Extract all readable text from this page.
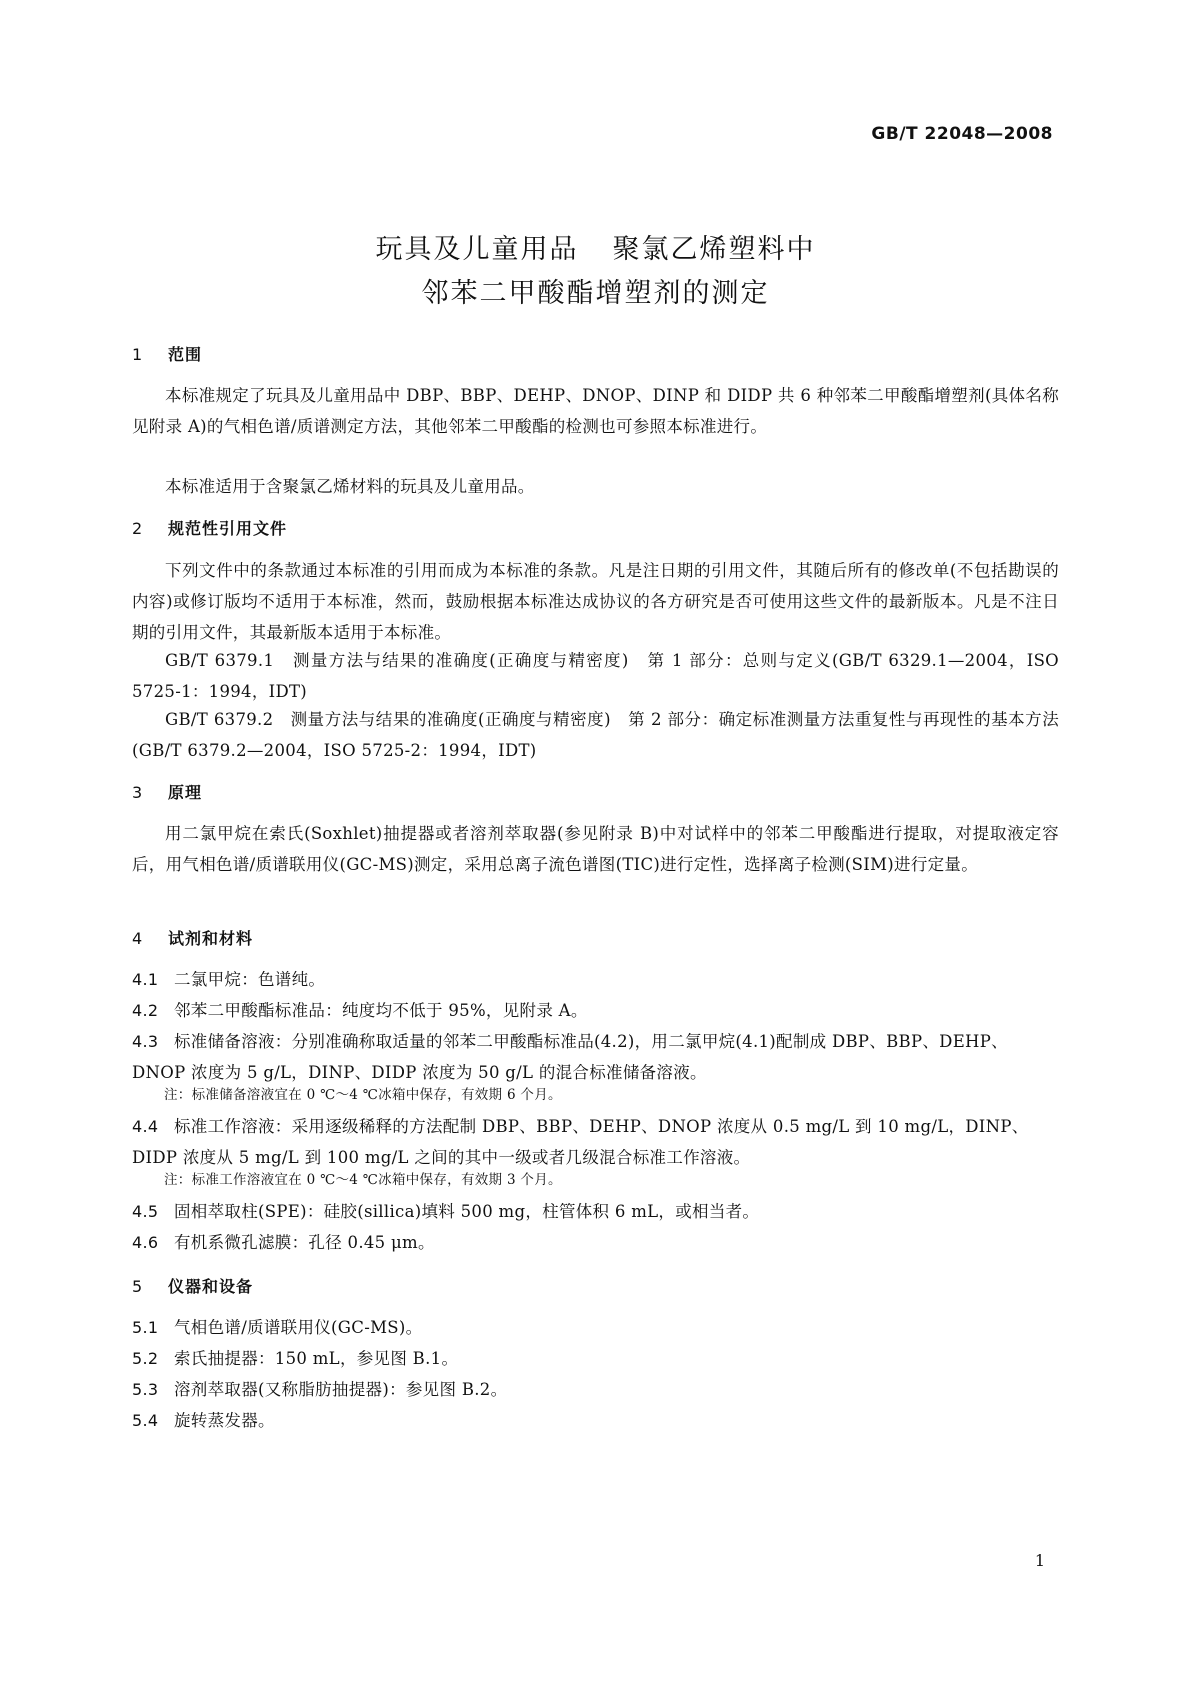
GB/T 22048—2008
玩具及儿童用品 聚氯乙烯塑料中
邻苯二甲酸酯增塑剂的测定
1 范围
本标准规定了玩具及儿童用品中 DBP、BBP、DEHP、DNOP、DINP 和 DIDP 共 6 种邻苯二甲酸酯增塑剂(具体名称见附录 A)的气相色谱/质谱测定方法，其他邻苯二甲酸酯的检测也可参照本标准进行。
本标准适用于含聚氯乙烯材料的玩具及儿童用品。
2 规范性引用文件
下列文件中的条款通过本标准的引用而成为本标准的条款。凡是注日期的引用文件，其随后所有的修改单(不包括勘误的内容)或修订版均不适用于本标准，然而，鼓励根据本标准达成协议的各方研究是否可使用这些文件的最新版本。凡是不注日期的引用文件，其最新版本适用于本标准。
GB/T 6379.1　测量方法与结果的准确度(正确度与精密度)　第 1 部分：总则与定义(GB/T 6329.1—2004，ISO 5725-1：1994，IDT)
GB/T 6379.2　测量方法与结果的准确度(正确度与精密度)　第 2 部分：确定标准测量方法重复性与再现性的基本方法(GB/T 6379.2—2004，ISO 5725-2：1994，IDT)
3 原理
用二氯甲烷在索氏(Soxhlet)抽提器或者溶剂萃取器(参见附录 B)中对试样中的邻苯二甲酸酯进行提取，对提取液定容后，用气相色谱/质谱联用仪(GC-MS)测定，采用总离子流色谱图(TIC)进行定性，选择离子检测(SIM)进行定量。
4 试剂和材料
4.1 二氯甲烷：色谱纯。
4.2 邻苯二甲酸酯标准品：纯度均不低于 95%，见附录 A。
4.3 标准储备溶液：分别准确称取适量的邻苯二甲酸酯标准品(4.2)，用二氯甲烷(4.1)配制成 DBP、BBP、DEHP、DNOP 浓度为 5 g/L，DINP、DIDP 浓度为 50 g/L 的混合标准储备溶液。
注：标准储备溶液宜在 0 ℃～4 ℃冰箱中保存，有效期 6 个月。
4.4 标准工作溶液：采用逐级稀释的方法配制 DBP、BBP、DEHP、DNOP 浓度从 0.5 mg/L 到 10 mg/L，DINP、DIDP 浓度从 5 mg/L 到 100 mg/L 之间的其中一级或者几级混合标准工作溶液。
注：标准工作溶液宜在 0 ℃～4 ℃冰箱中保存，有效期 3 个月。
4.5 固相萃取柱(SPE)：硅胶(sillica)填料 500 mg，柱管体积 6 mL，或相当者。
4.6 有机系微孔滤膜：孔径 0.45 μm。
5 仪器和设备
5.1 气相色谱/质谱联用仪(GC-MS)。
5.2 索氏抽提器：150 mL，参见图 B.1。
5.3 溶剂萃取器(又称脂肪抽提器)：参见图 B.2。
5.4 旋转蒸发器。
1
